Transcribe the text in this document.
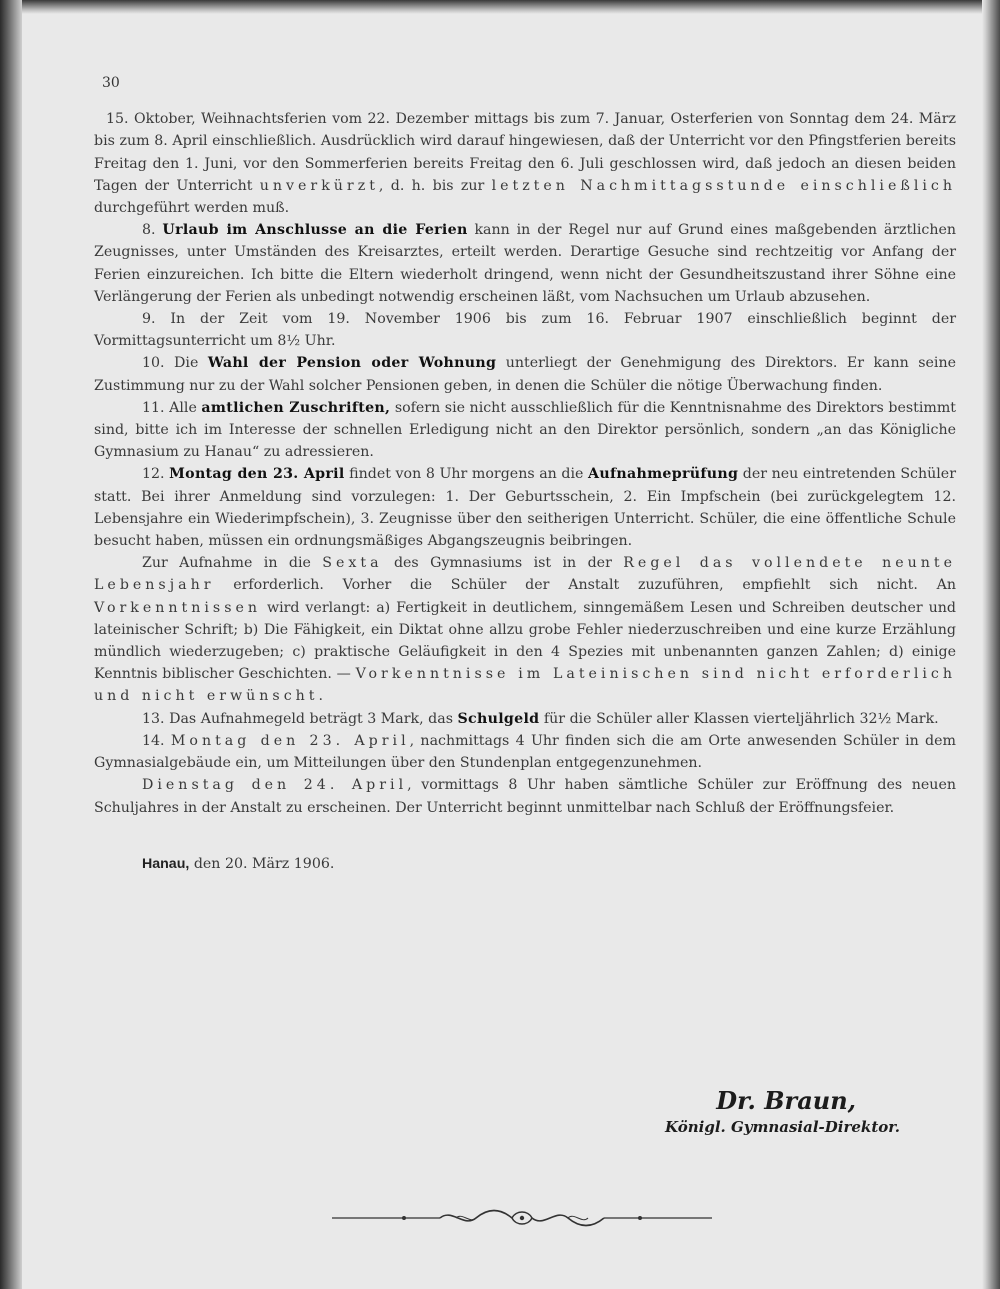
30

15. Oktober, Weihnachtsferien vom 22. Dezember mittags bis zum 7. Januar, Osterferien von Sonntag dem 24. März bis zum 8. April einschließlich. Ausdrücklich wird darauf hingewiesen, daß der Unterricht vor den Pfingstferien bereits Freitag den 1. Juni, vor den Sommerferien bereits Freitag den 6. Juli geschlossen wird, daß jedoch an diesen beiden Tagen der Unterricht unverkürzt, d. h. bis zur letzten Nachmittagsstunde einschließlich durchgeführt werden muß.

8. Urlaub im Anschlusse an die Ferien kann in der Regel nur auf Grund eines maßgebenden ärztlichen Zeugnisses, unter Umständen des Kreisarztes, erteilt werden. Derartige Gesuche sind rechtzeitig vor Anfang der Ferien einzureichen. Ich bitte die Eltern wiederholt dringend, wenn nicht der Gesundheitszustand ihrer Söhne eine Verlängerung der Ferien als unbedingt notwendig erscheinen läßt, vom Nachsuchen um Urlaub abzusehen.

9. In der Zeit vom 19. November 1906 bis zum 16. Februar 1907 einschließlich beginnt der Vormittagsunterricht um 8½ Uhr.

10. Die Wahl der Pension oder Wohnung unterliegt der Genehmigung des Direktors. Er kann seine Zustimmung nur zu der Wahl solcher Pensionen geben, in denen die Schüler die nötige Überwachung finden.

11. Alle amtlichen Zuschriften, sofern sie nicht ausschließlich für die Kenntnisnahme des Direktors bestimmt sind, bitte ich im Interesse der schnellen Erledigung nicht an den Direktor persönlich, sondern „an das Königliche Gymnasium zu Hanau“ zu adressieren.

12. Montag den 23. April findet von 8 Uhr morgens an die Aufnahmeprüfung der neu eintretenden Schüler statt. Bei ihrer Anmeldung sind vorzulegen: 1. Der Geburtsschein, 2. Ein Impfschein (bei zurückgelegtem 12. Lebensjahre ein Wiederimpfschein), 3. Zeugnisse über den seitherigen Unterricht. Schüler, die eine öffentliche Schule besucht haben, müssen ein ordnungsmäßiges Abgangszeugnis beibringen.

Zur Aufnahme in die Sexta des Gymnasiums ist in der Regel das vollendete neunte Lebensjahr erforderlich. Vorher die Schüler der Anstalt zuzuführen, empfiehlt sich nicht. An Vorkenntnissen wird verlangt: a) Fertigkeit in deutlichem, sinngemäßem Lesen und Schreiben deutscher und lateinischer Schrift; b) Die Fähigkeit, ein Diktat ohne allzu grobe Fehler niederzuschreiben und eine kurze Erzählung mündlich wiederzugeben; c) praktische Geläufigkeit in den 4 Spezies mit unbenannten ganzen Zahlen; d) einige Kenntnis biblischer Geschichten. — Vorkenntnisse im Lateinischen sind nicht erforderlich und nicht erwünscht.

13. Das Aufnahmegeld beträgt 3 Mark, das Schulgeld für die Schüler aller Klassen vierteljährlich 32½ Mark.

14. Montag den 23. April, nachmittags 4 Uhr finden sich die am Orte anwesenden Schüler in dem Gymnasialgebäude ein, um Mitteilungen über den Stundenplan entgegenzunehmen.

Dienstag den 24. April, vormittags 8 Uhr haben sämtliche Schüler zur Eröffnung des neuen Schuljahres in der Anstalt zu erscheinen. Der Unterricht beginnt unmittelbar nach Schluß der Eröffnungsfeier.

Hanau, den 20. März 1906.
Dr. Braun,
Königl. Gymnasial-Direktor.
